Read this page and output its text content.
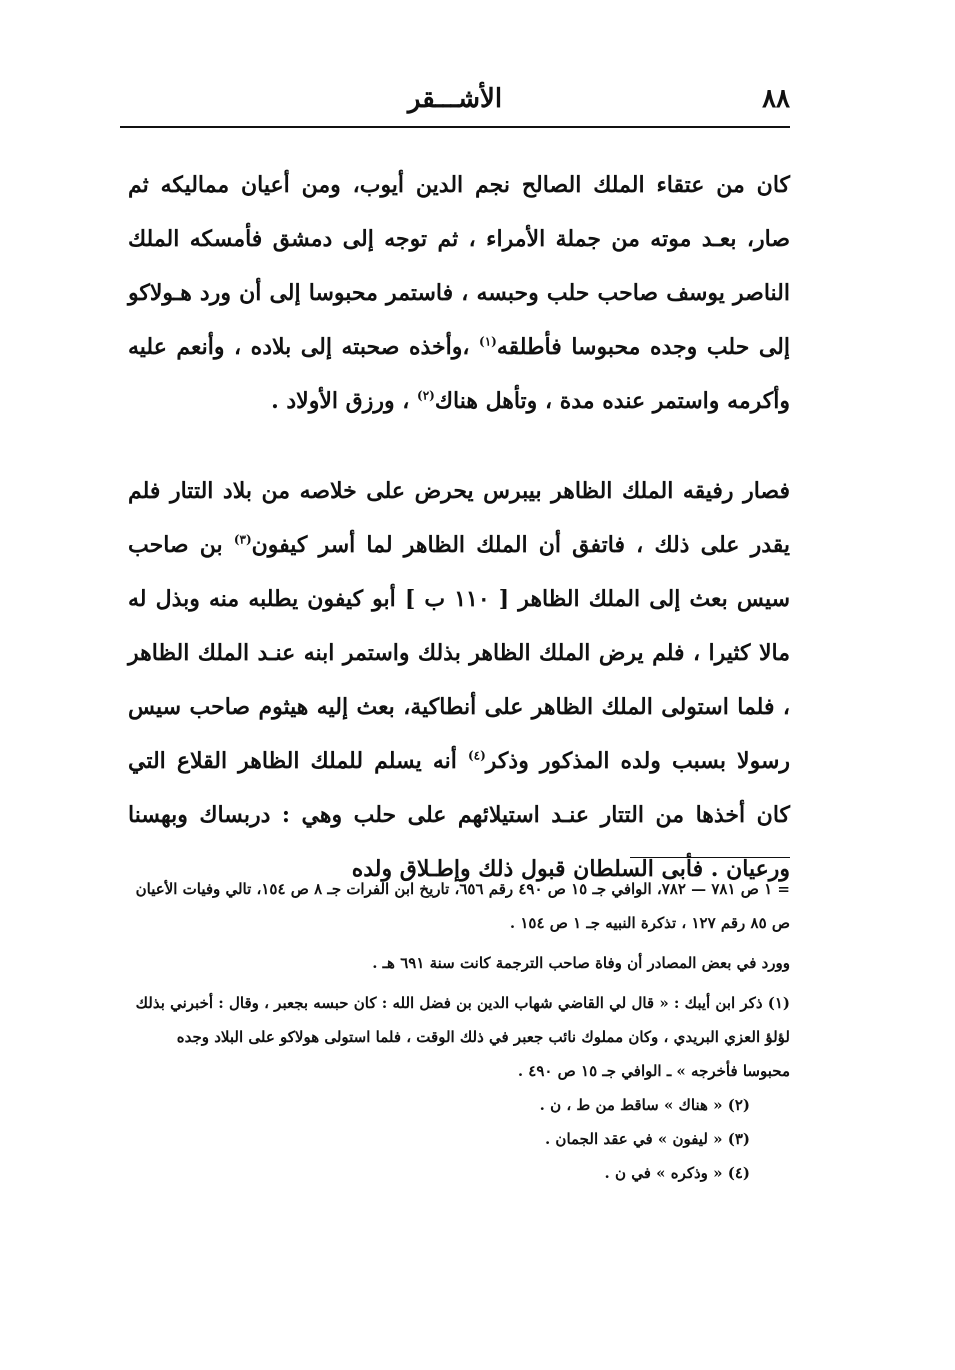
٨٨
الأشـــقر

كان من عتقاء الملك الصالح نجم الدين أيوب، ومن أعيان مماليكه ثم صار، بعـد موته من جملة الأمراء ، ثم توجه إلى دمشق فأمسكه الملك الناصر يوسف صاحب حلب وحبسه ، فاستمر محبوسا إلى أن ورد هـولاكو إلى حلب وجده محبوسا فأطلقه$^{(١)}$ ،وأخذه صحبته إلى بلاده ، وأنعم عليه وأكرمه واستمر عنده مدة ، وتأهل هناك$^{(٢)}$ ، ورزق الأولاد .

فصار رفيقه الملك الظاهر بيبرس يحرض على خلاصه من بلاد التتار فلم يقدر على ذلك ، فاتفق أن الملك الظاهر لما أسر كيفون$^{(٣)}$ بن صاحب سيس بعث إلى الملك الظاهر [ ١١٠ ب ] أبو كيفون يطلبه منه وبذل له مالا كثيرا ، فلم يرض الملك الظاهر بذلك واستمر ابنه عنـد الملك الظاهر ، فلما استولى الملك الظاهر على أنطاكية، بعث إليه هيثوم صاحب سيس رسولا بسبب ولده المذكور وذكر$^{(٤)}$ أنه يسلم للملك الظاهر القلاع التي كان أخذها من التتار عنـد استيلائهم على حلب وهي : دربساك وبهسنا ورعيان . فأبى السلطان قبول ذلك وإطـلاق ولده

= ١ ص ٧٨١ — ٧٨٢، الوافي جـ ١٥ ص ٤٩٠ رقم ٦٥٦، تاريخ ابن الفرات جـ ٨ ص ١٥٤، تالي وفيات الأعيان ص ٨٥ رقم ١٢٧ ، تذكرة النبيه جـ ١ ص ١٥٤ .

وورد في بعض المصادر أن وفاة صاحب الترجمة كانت سنة ٦٩١ هـ .

(١) ذكر ابن أيبك : « قال لي القاضي شهاب الدين بن فضل الله : كان حبسه بجعبر ، وقال : أخبرني بذلك لؤلؤ العزي البريدي ، وكان مملوك نائب جعبر في ذلك الوقت ، فلما استولى هولاكو على البلاد وجده محبوسا فأخرجه » ـ الوافي جـ ١٥ ص ٤٩٠ .

(٢) « هناك » ساقط من ط ، ن .

(٣) « ليفون » في عقد الجمان .

(٤) « وذكره » في ن .
